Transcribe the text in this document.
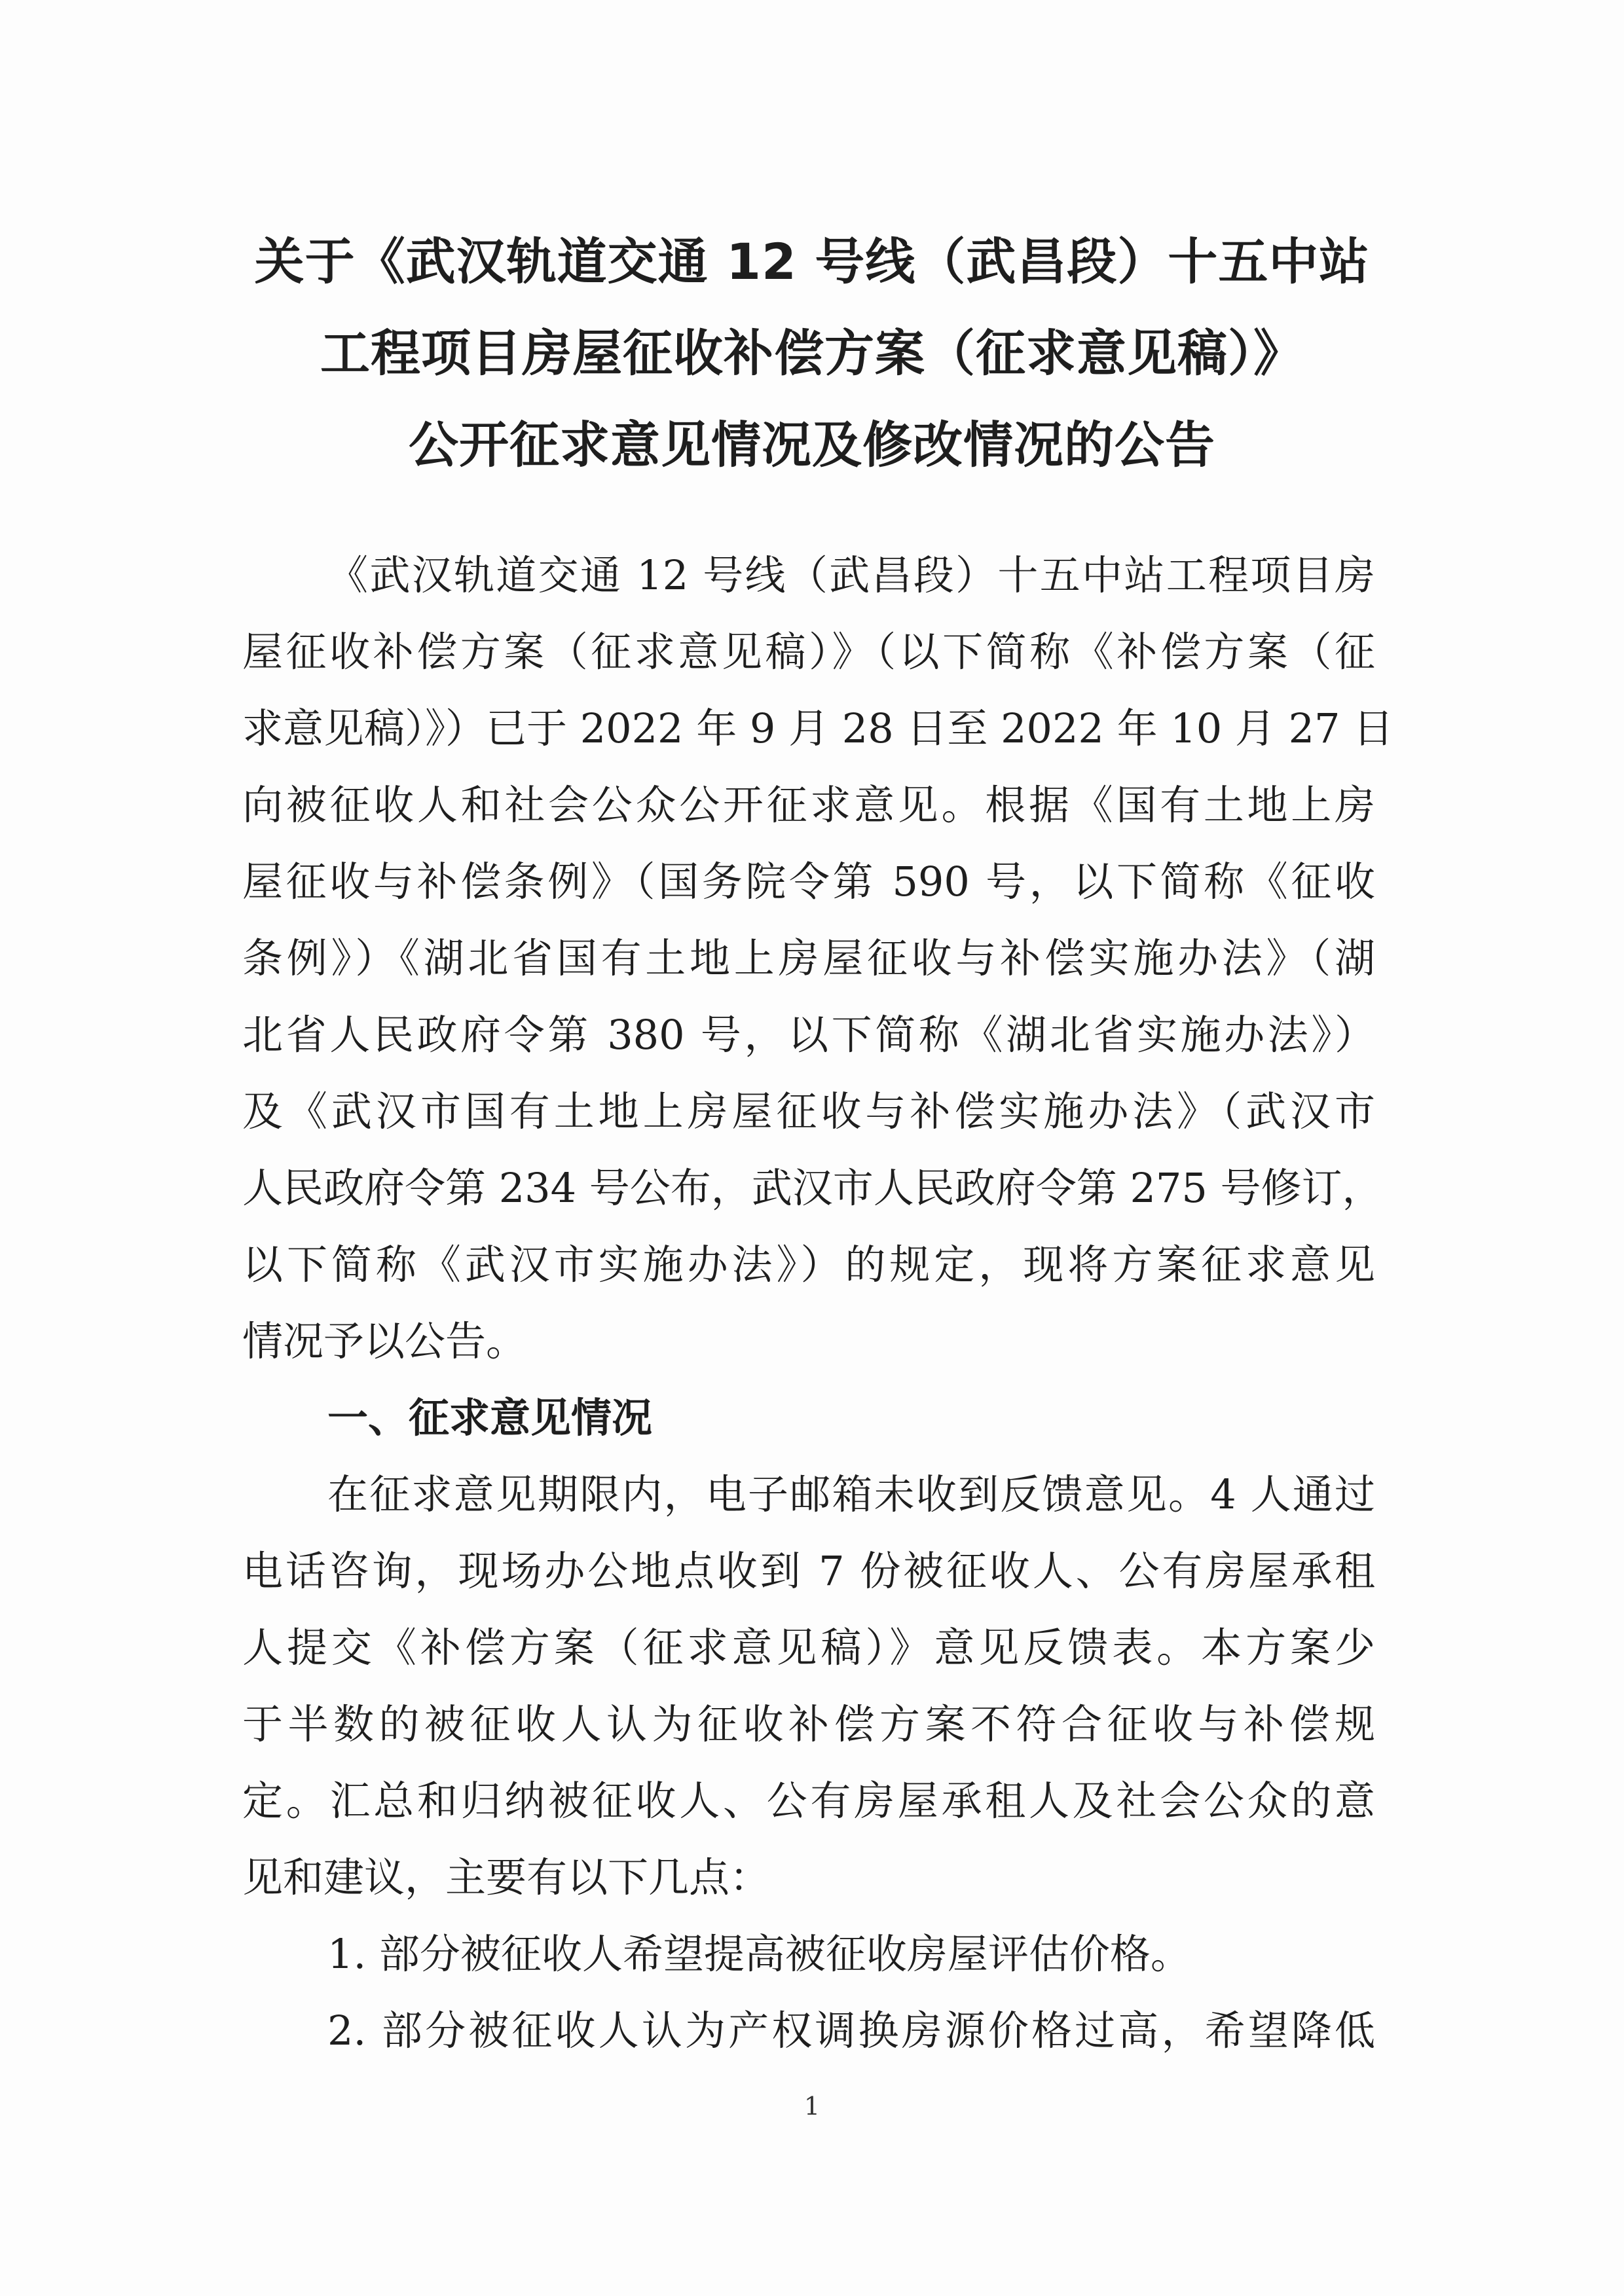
关于《武汉轨道交通 12 号线（武昌段）十五中站
工程项目房屋征收补偿方案（征求意见稿）》
公开征求意见情况及修改情况的公告
《武汉轨道交通 12 号线（武昌段）十五中站工程项目房
屋征收补偿方案（征求意见稿）》（以下简称《补偿方案（征
求意见稿）》）已于 2022 年 9 月 28 日至 2022 年 10 月 27 日
向被征收人和社会公众公开征求意见。根据《国有土地上房
屋征收与补偿条例》（国务院令第 590 号，以下简称《征收
条例》）《湖北省国有土地上房屋征收与补偿实施办法》（湖
北省人民政府令第 380 号，以下简称《湖北省实施办法》）
及《武汉市国有土地上房屋征收与补偿实施办法》（武汉市
人民政府令第 234 号公布，武汉市人民政府令第 275 号修订，
以下简称《武汉市实施办法》）的规定，现将方案征求意见
情况予以公告。
一、征求意见情况
在征求意见期限内，电子邮箱未收到反馈意见。4 人通过
电话咨询，现场办公地点收到 7 份被征收人、公有房屋承租
人提交《补偿方案（征求意见稿）》意见反馈表。本方案少
于半数的被征收人认为征收补偿方案不符合征收与补偿规
定。汇总和归纳被征收人、公有房屋承租人及社会公众的意
见和建议，主要有以下几点：
1. 部分被征收人希望提高被征收房屋评估价格。
2. 部分被征收人认为产权调换房源价格过高，希望降低
1
